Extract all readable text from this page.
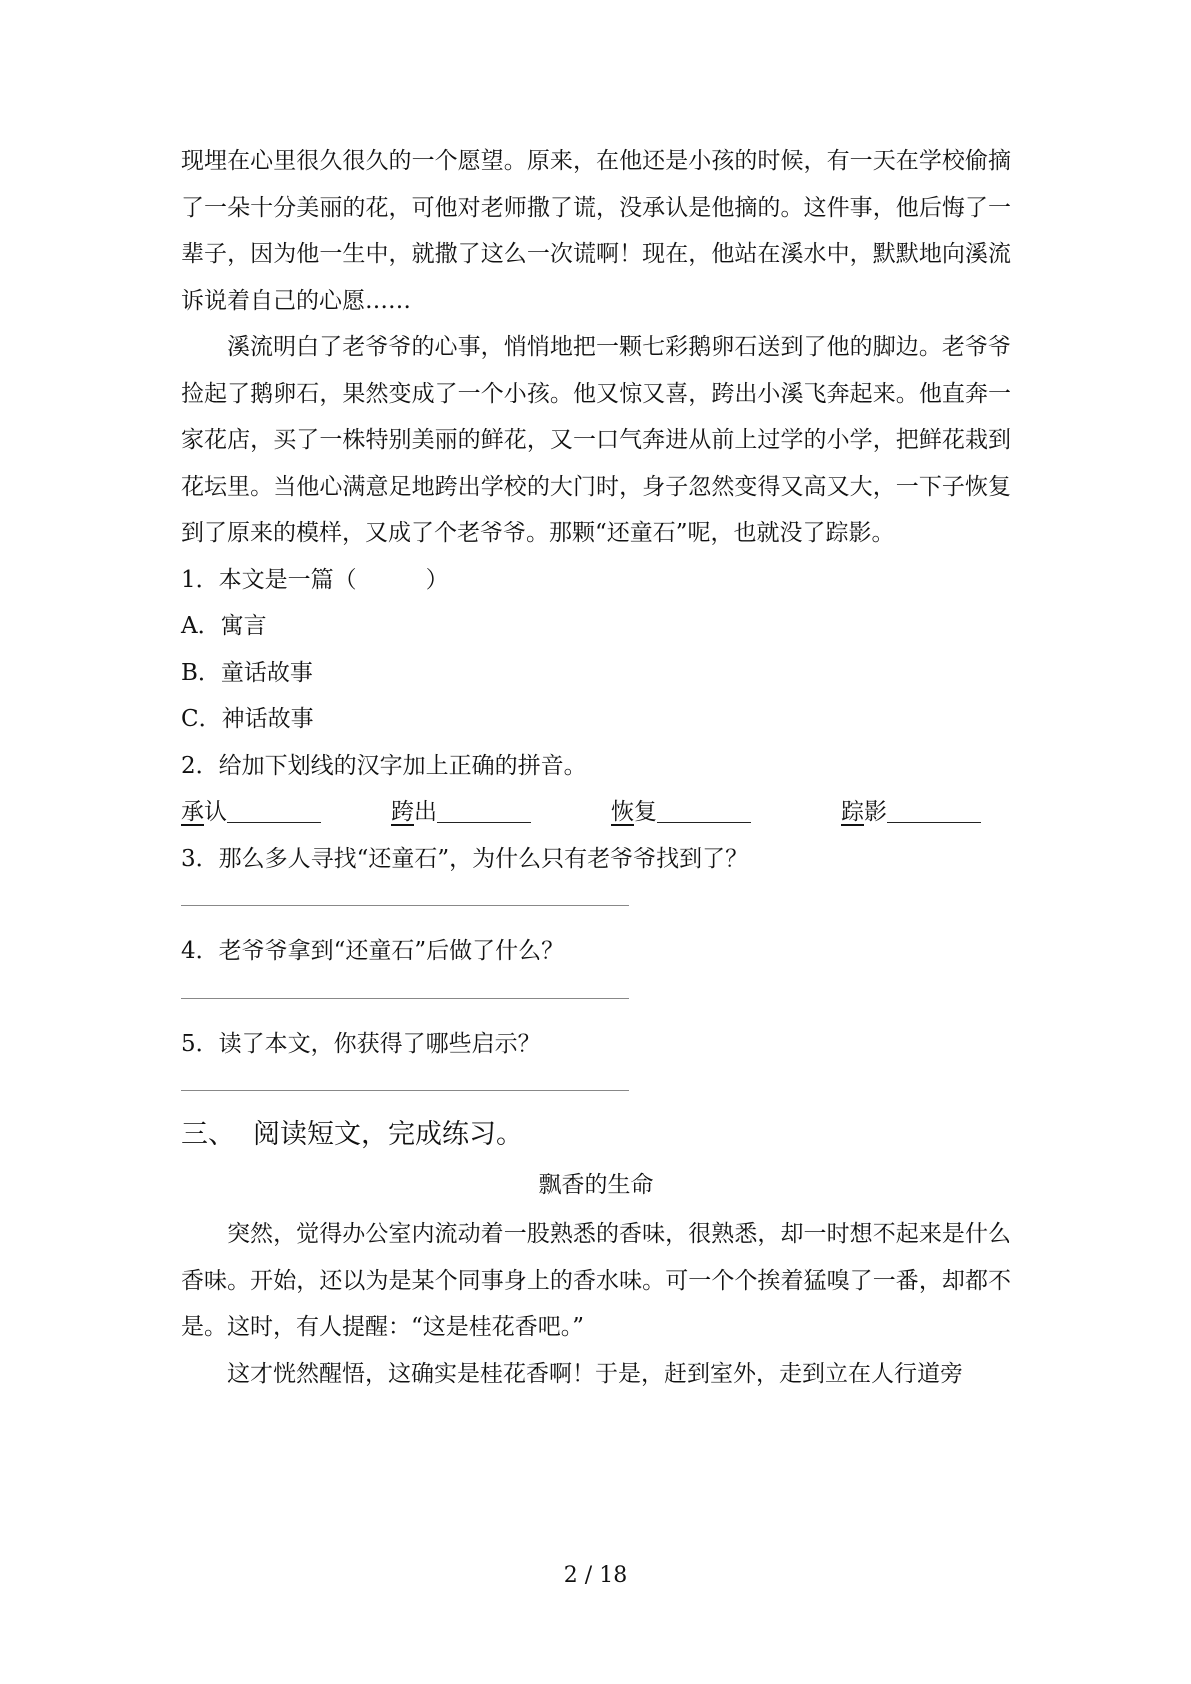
现埋在心里很久很久的一个愿望。原来，在他还是小孩的时候，有一天在学校偷摘了一朵十分美丽的花，可他对老师撒了谎，没承认是他摘的。这件事，他后悔了一辈子，因为他一生中，就撒了这么一次谎啊！现在，他站在溪水中，默默地向溪流诉说着自己的心愿……

溪流明白了老爷爷的心事，悄悄地把一颗七彩鹅卵石送到了他的脚边。老爷爷捡起了鹅卵石，果然变成了一个小孩。他又惊又喜，跨出小溪飞奔起来。他直奔一家花店，买了一株特别美丽的鲜花，又一口气奔进从前上过学的小学，把鲜花栽到花坛里。当他心满意足地跨出学校的大门时，身子忽然变得又高又大，一下子恢复到了原来的模样，又成了个老爷爷。那颗“还童石”呢，也就没了踪影。

1．本文是一篇（　　　）

A．寓言

B．童话故事

C．神话故事

2．给加下划线的汉字加上正确的拼音。

承认	跨出	恢复	踪影

3．那么多人寻找“还童石”，为什么只有老爷爷找到了？

4．老爷爷拿到“还童石”后做了什么？

5．读了本文，你获得了哪些启示？

三、 阅读短文，完成练习。
飘香的生命

突然，觉得办公室内流动着一股熟悉的香味，很熟悉，却一时想不起来是什么香味。开始，还以为是某个同事身上的香水味。可一个个挨着猛嗅了一番，却都不是。这时，有人提醒：“这是桂花香吧。”

这才恍然醒悟，这确实是桂花香啊！于是，赶到室外，走到立在人行道旁

2 / 18
